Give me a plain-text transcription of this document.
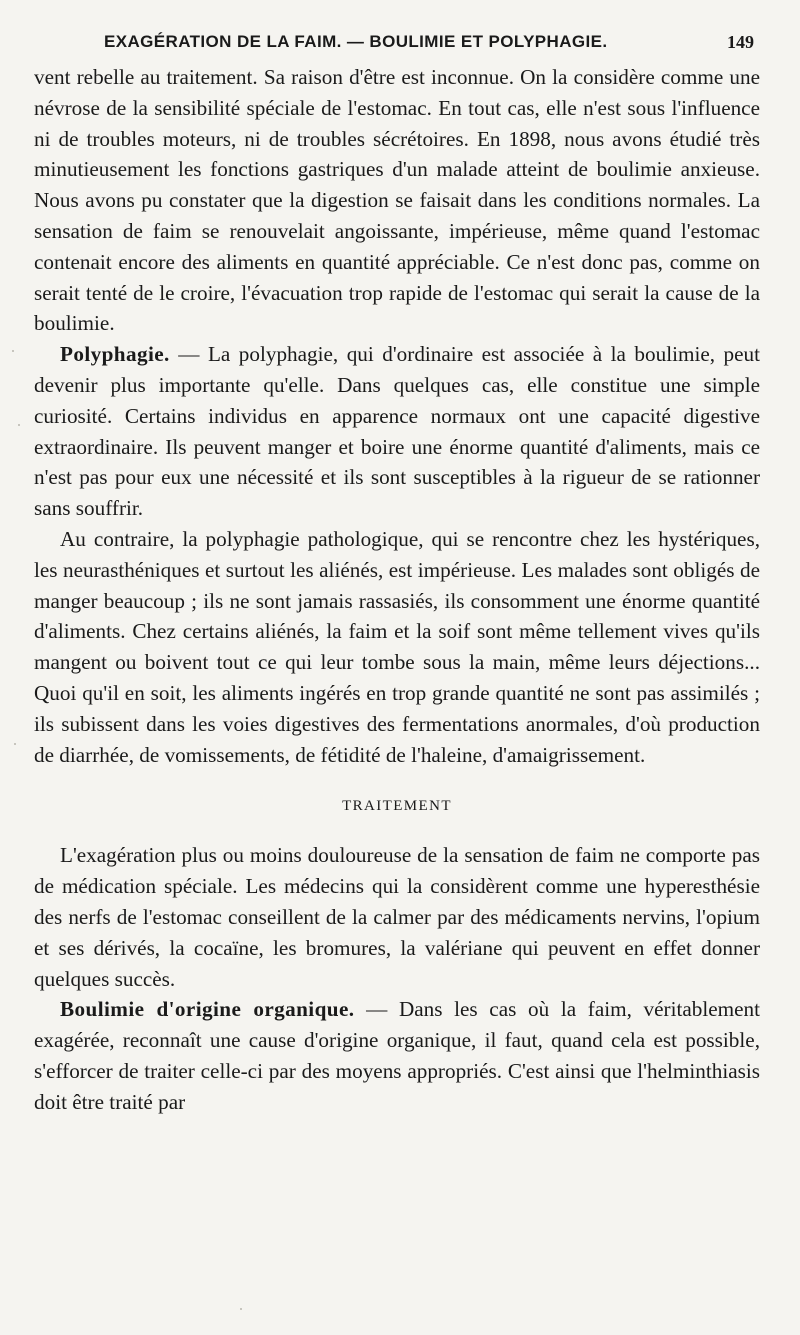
EXAGÉRATION DE LA FAIM. — BOULIMIE ET POLYPHAGIE.	149

vent rebelle au traitement. Sa raison d'être est inconnue. On la considère comme une névrose de la sensibilité spéciale de l'estomac. En tout cas, elle n'est sous l'influence ni de troubles moteurs, ni de troubles sécrétoires. En 1898, nous avons étudié très minutieusement les fonctions gastriques d'un malade atteint de boulimie anxieuse. Nous avons pu constater que la digestion se faisait dans les conditions normales. La sensation de faim se renouvelait angoissante, impérieuse, même quand l'estomac contenait encore des aliments en quantité appréciable. Ce n'est donc pas, comme on serait tenté de le croire, l'évacuation trop rapide de l'estomac qui serait la cause de la boulimie.

Polyphagie. — La polyphagie, qui d'ordinaire est associée à la boulimie, peut devenir plus importante qu'elle. Dans quelques cas, elle constitue une simple curiosité. Certains individus en apparence normaux ont une capacité digestive extraordinaire. Ils peuvent manger et boire une énorme quantité d'aliments, mais ce n'est pas pour eux une nécessité et ils sont susceptibles à la rigueur de se rationner sans souffrir.

Au contraire, la polyphagie pathologique, qui se rencontre chez les hystériques, les neurasthéniques et surtout les aliénés, est impérieuse. Les malades sont obligés de manger beaucoup ; ils ne sont jamais rassasiés, ils consomment une énorme quantité d'aliments. Chez certains aliénés, la faim et la soif sont même tellement vives qu'ils mangent ou boivent tout ce qui leur tombe sous la main, même leurs déjections... Quoi qu'il en soit, les aliments ingérés en trop grande quantité ne sont pas assimilés ; ils subissent dans les voies digestives des fermentations anormales, d'où production de diarrhée, de vomissements, de fétidité de l'haleine, d'amaigrissement.

TRAITEMENT

L'exagération plus ou moins douloureuse de la sensation de faim ne comporte pas de médication spéciale. Les médecins qui la considèrent comme une hyperesthésie des nerfs de l'estomac conseillent de la calmer par des médicaments nervins, l'opium et ses dérivés, la cocaïne, les bromures, la valériane qui peuvent en effet donner quelques succès.

Boulimie d'origine organique. — Dans les cas où la faim, véritablement exagérée, reconnaît une cause d'origine organique, il faut, quand cela est possible, s'efforcer de traiter celle-ci par des moyens appropriés. C'est ainsi que l'helminthiasis doit être traité par
